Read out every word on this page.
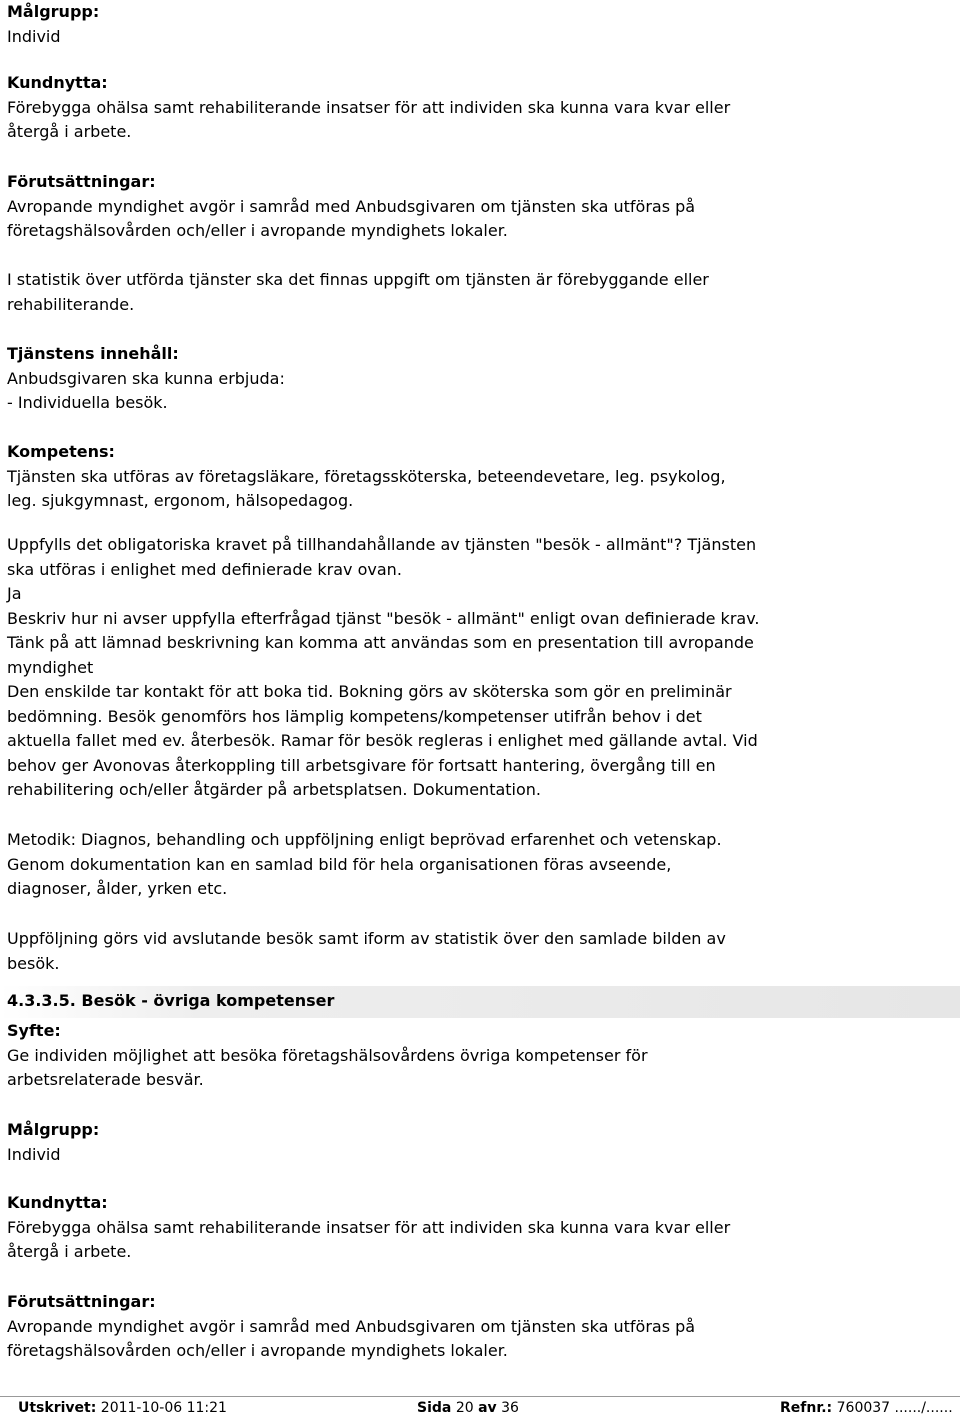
Målgrupp:
Individ
Kundnytta:
Förebygga ohälsa samt rehabiliterande insatser för att individen ska kunna vara kvar eller
återgå i arbete.
Förutsättningar:
Avropande myndighet avgör i samråd med Anbudsgivaren om tjänsten ska utföras på
företagshälsovården och/eller i avropande myndighets lokaler.
I statistik över utförda tjänster ska det finnas uppgift om tjänsten är förebyggande eller
rehabiliterande.
Tjänstens innehåll:
Anbudsgivaren ska kunna erbjuda:
- Individuella besök.
Kompetens:
Tjänsten ska utföras av företagsläkare, företagssköterska, beteendevetare, leg. psykolog,
leg. sjukgymnast, ergonom, hälsopedagog.
Uppfylls det obligatoriska kravet på tillhandahållande av tjänsten "besök - allmänt"? Tjänsten
ska utföras i enlighet med definierade krav ovan.
Ja
Beskriv hur ni avser uppfylla efterfrågad tjänst "besök - allmänt" enligt ovan definierade krav.
Tänk på att lämnad beskrivning kan komma att användas som en presentation till avropande
myndighet
Den enskilde tar kontakt för att boka tid. Bokning görs av sköterska som gör en preliminär
bedömning. Besök genomförs hos lämplig kompetens/kompetenser utifrån behov i det
aktuella fallet med ev. återbesök. Ramar för besök regleras i enlighet med gällande avtal. Vid
behov ger Avonovas återkoppling till arbetsgivare för fortsatt hantering, övergång till en
rehabilitering och/eller åtgärder på arbetsplatsen. Dokumentation.
Metodik: Diagnos, behandling och uppföljning enligt beprövad erfarenhet och vetenskap.
Genom dokumentation kan en samlad bild för hela organisationen föras avseende,
diagnoser, ålder, yrken etc.
Uppföljning görs vid avslutande besök samt iform av statistik över den samlade bilden av
besök.
4.3.3.5. Besök - övriga kompetenser
Syfte:
Ge individen möjlighet att besöka företagshälsovårdens övriga kompetenser för
arbetsrelaterade besvär.
Målgrupp:
Individ
Kundnytta:
Förebygga ohälsa samt rehabiliterande insatser för att individen ska kunna vara kvar eller
återgå i arbete.
Förutsättningar:
Avropande myndighet avgör i samråd med Anbudsgivaren om tjänsten ska utföras på
företagshälsovården och/eller i avropande myndighets lokaler.
Utskrivet: 2011-10-06 11:21	Sida 20 av 36	Refnr.: 760037 ....../......
